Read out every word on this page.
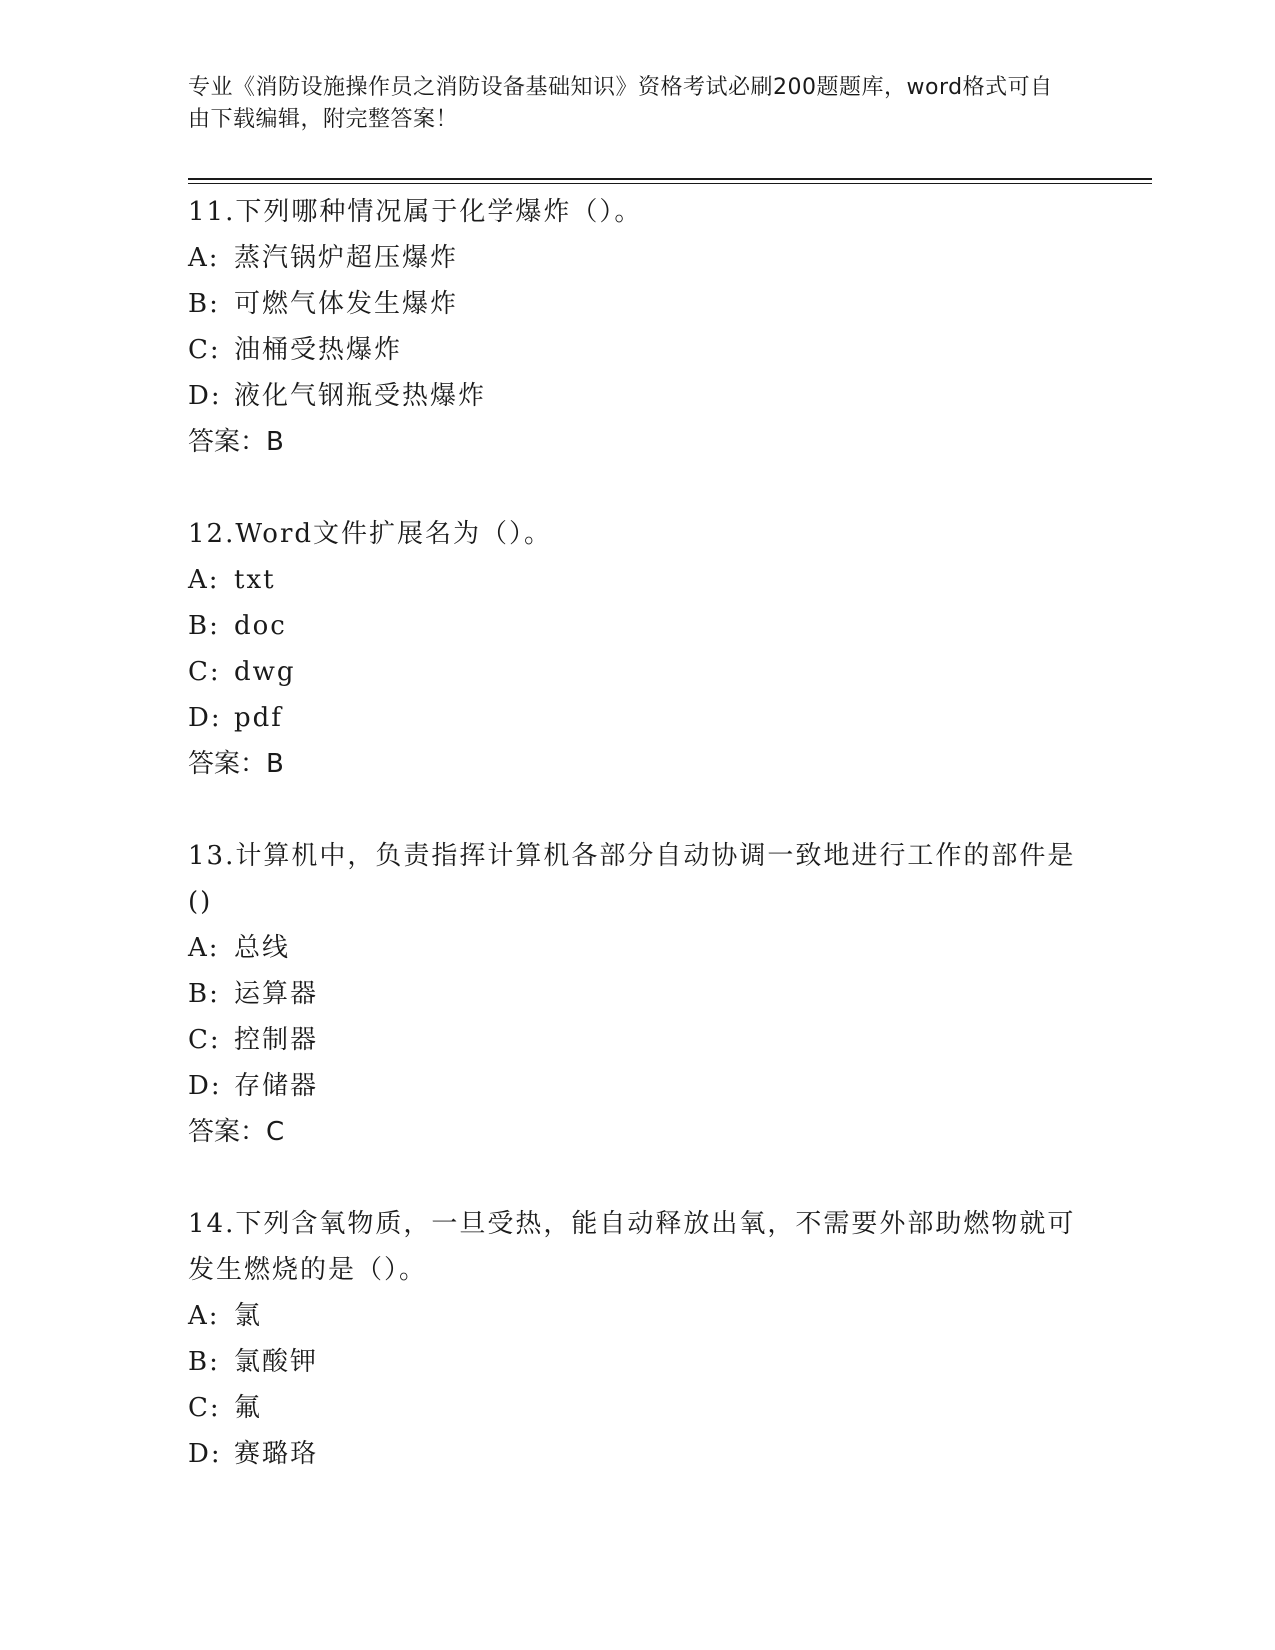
专业《消防设施操作员之消防设备基础知识》资格考试必刷200题题库，word格式可自由下载编辑，附完整答案！

11.下列哪种情况属于化学爆炸（）。

A: 蒸汽锅炉超压爆炸

B: 可燃气体发生爆炸

C: 油桶受热爆炸

D: 液化气钢瓶受热爆炸

答案：B

12.Word文件扩展名为（）。

A: txt

B: doc

C: dwg

D: pdf

答案：B

13.计算机中，负责指挥计算机各部分自动协调一致地进行工作的部件是()

A: 总线

B: 运算器

C: 控制器

D: 存储器

答案：C

14.下列含氧物质，一旦受热，能自动释放出氧，不需要外部助燃物就可发生燃烧的是（）。

A: 氯

B: 氯酸钾

C: 氟

D: 赛璐珞
